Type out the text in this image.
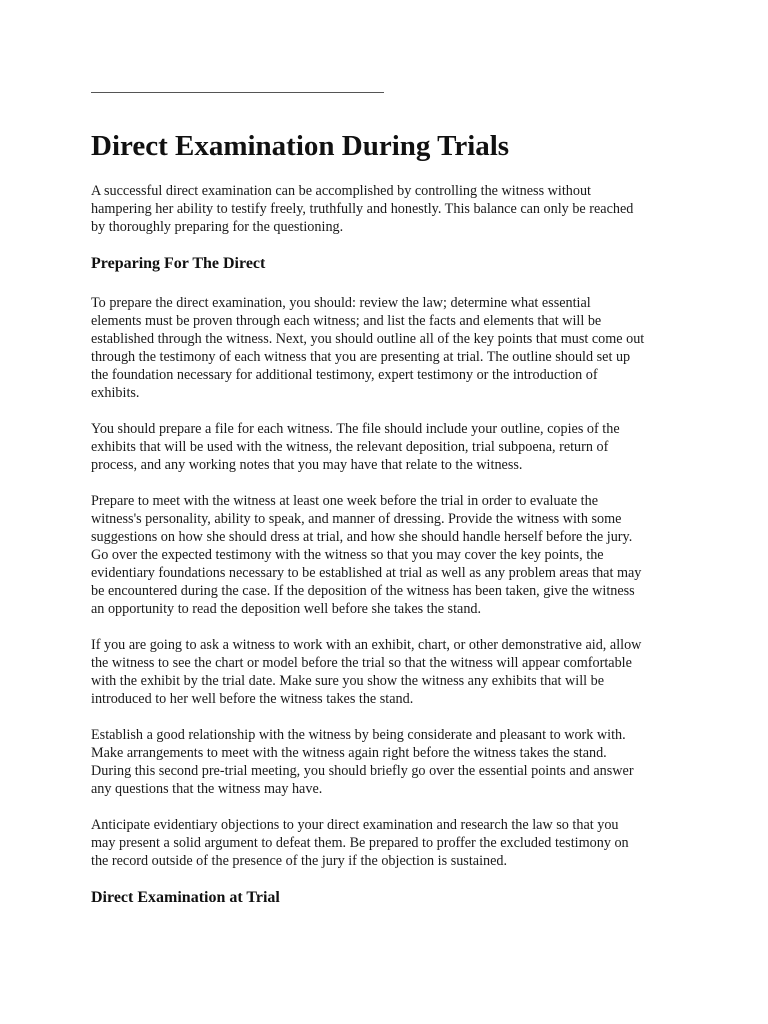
Direct Examination During Trials

A successful direct examination can be accomplished by controlling the witness without
hampering her ability to testify freely, truthfully and honestly. This balance can only be reached
by thoroughly preparing for the questioning.

Preparing For The Direct

To prepare the direct examination, you should: review the law; determine what essential
elements must be proven through each witness; and list the facts and elements that will be
established through the witness. Next, you should outline all of the key points that must come out
through the testimony of each witness that you are presenting at trial. The outline should set up
the foundation necessary for additional testimony, expert testimony or the introduction of
exhibits.

You should prepare a file for each witness. The file should include your outline, copies of the
exhibits that will be used with the witness, the relevant deposition, trial subpoena, return of
process, and any working notes that you may have that relate to the witness.

Prepare to meet with the witness at least one week before the trial in order to evaluate the
witness's personality, ability to speak, and manner of dressing. Provide the witness with some
suggestions on how she should dress at trial, and how she should handle herself before the jury.
Go over the expected testimony with the witness so that you may cover the key points, the
evidentiary foundations necessary to be established at trial as well as any problem areas that may
be encountered during the case. If the deposition of the witness has been taken, give the witness
an opportunity to read the deposition well before she takes the stand.

If you are going to ask a witness to work with an exhibit, chart, or other demonstrative aid, allow
the witness to see the chart or model before the trial so that the witness will appear comfortable
with the exhibit by the trial date. Make sure you show the witness any exhibits that will be
introduced to her well before the witness takes the stand.

Establish a good relationship with the witness by being considerate and pleasant to work with.
Make arrangements to meet with the witness again right before the witness takes the stand.
During this second pre-trial meeting, you should briefly go over the essential points and answer
any questions that the witness may have.

Anticipate evidentiary objections to your direct examination and research the law so that you
may present a solid argument to defeat them. Be prepared to proffer the excluded testimony on
the record outside of the presence of the jury if the objection is sustained.

Direct Examination at Trial
